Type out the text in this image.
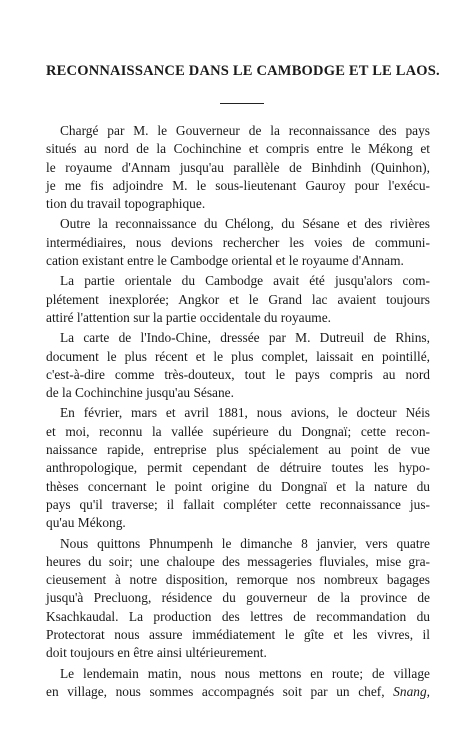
RECONNAISSANCE DANS LE CAMBODGE ET LE LAOS.
Chargé par M. le Gouverneur de la reconnaissance des pays
situés au nord de la Cochinchine et compris entre le Mékong et
le royaume d'Annam jusqu'au parallèle de Binhdinh (Quinhon),
je me fis adjoindre M. le sous-lieutenant Gauroy pour l'exécu-
tion du travail topographique.
Outre la reconnaissance du Chélong, du Sésane et des rivières
intermédiaires, nous devions rechercher les voies de communi-
cation existant entre le Cambodge oriental et le royaume d'Annam.
La partie orientale du Cambodge avait été jusqu'alors com-
plétement inexplorée; Angkor et le Grand lac avaient toujours
attiré l'attention sur la partie occidentale du royaume.
La carte de l'Indo-Chine, dressée par M. Dutreuil de Rhins,
document le plus récent et le plus complet, laissait en pointillé,
c'est-à-dire comme très-douteux, tout le pays compris au nord
de la Cochinchine jusqu'au Sésane.
En février, mars et avril 1881, nous avions, le docteur Néis
et moi, reconnu la vallée supérieure du Dongnaï; cette recon-
naissance rapide, entreprise plus spécialement au point de vue
anthropologique, permit cependant de détruire toutes les hypo-
thèses concernant le point origine du Dongnaï et la nature du
pays qu'il traverse; il fallait compléter cette reconnaissance jus-
qu'au Mékong.
Nous quittons Phnumpenh le dimanche 8 janvier, vers quatre
heures du soir; une chaloupe des messageries fluviales, mise gra-
cieusement à notre disposition, remorque nos nombreux bagages
jusqu'à Precluong, résidence du gouverneur de la province de
Ksachkaudal. La production des lettres de recommandation du
Protectorat nous assure immédiatement le gîte et les vivres, il
doit toujours en être ainsi ultérieurement.
Le lendemain matin, nous nous mettons en route; de village
en village, nous sommes accompagnés soit par un chef, Snang,
